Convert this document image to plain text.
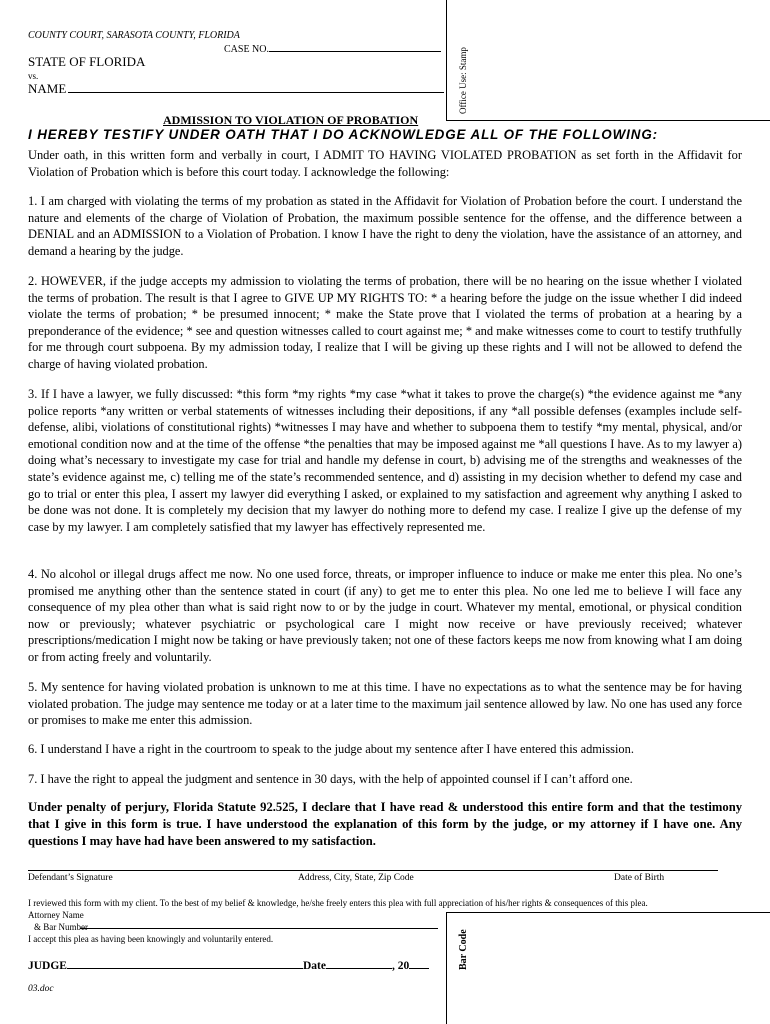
COUNTY COURT, SARASOTA COUNTY, FLORIDA
CASE NO.
STATE OF FLORIDA
vs.
NAME	Office Use: Stamp
ADMISSION TO VIOLATION OF PROBATION
I HEREBY TESTIFY UNDER OATH THAT I DO ACKNOWLEDGE ALL OF THE FOLLOWING:

Under oath, in this written form and verbally in court, I ADMIT TO HAVING VIOLATED PROBATION as set forth in the Affidavit for Violation of Probation which is before this court today. I acknowledge the following:

1. I am charged with violating the terms of my probation as stated in the Affidavit for Violation of Probation before the court. I understand the nature and elements of the charge of Violation of Probation, the maximum possible sentence for the offense, and the difference between a DENIAL and an ADMISSION to a Violation of Probation. I know I have the right to deny the violation, have the assistance of an attorney, and demand a hearing by the judge.

2. HOWEVER, if the judge accepts my admission to violating the terms of probation, there will be no hearing on the issue whether I violated the terms of probation. The result is that I agree to GIVE UP MY RIGHTS TO: * a hearing before the judge on the issue whether I did indeed violate the terms of probation; * be presumed innocent; * make the State prove that I violated the terms of probation at a hearing by a preponderance of the evidence; * see and question witnesses called to court against me; * and make witnesses come to court to testify truthfully for me through court subpoena. By my admission today, I realize that I will be giving up these rights and I will not be allowed to defend the charge of having violated probation.

3. If I have a lawyer, we fully discussed: *this form *my rights *my case *what it takes to prove the charge(s) *the evidence against me *any police reports *any written or verbal statements of witnesses including their depositions, if any *all possible defenses (examples include self-defense, alibi, violations of constitutional rights) *witnesses I may have and whether to subpoena them to testify *my mental, physical, and/or emotional condition now and at the time of the offense *the penalties that may be imposed against me *all questions I have. As to my lawyer a) doing what’s necessary to investigate my case for trial and handle my defense in court, b) advising me of the strengths and weaknesses of the state’s evidence against me, c) telling me of the state’s recommended sentence, and d) assisting in my decision whether to defend my case and go to trial or enter this plea, I assert my lawyer did everything I asked, or explained to my satisfaction and agreement why anything I asked to be done was not done. It is completely my decision that my lawyer do nothing more to defend my case. I realize I give up the defense of my case by my lawyer. I am completely satisfied that my lawyer has effectively represented me.

4. No alcohol or illegal drugs affect me now. No one used force, threats, or improper influence to induce or make me enter this plea. No one’s promised me anything other than the sentence stated in court (if any) to get me to enter this plea. No one led me to believe I will face any consequence of my plea other than what is said right now to or by the judge in court. Whatever my mental, emotional, or physical condition now or previously; whatever psychiatric or psychological care I might now receive or have previously received; whatever prescriptions/medication I might now be taking or have previously taken; not one of these factors keeps me now from knowing what I am doing or from acting freely and voluntarily.

5. My sentence for having violated probation is unknown to me at this time. I have no expectations as to what the sentence may be for having violated probation. The judge may sentence me today or at a later time to the maximum jail sentence allowed by law. No one has used any force or promises to make me enter this admission.

6. I understand I have a right in the courtroom to speak to the judge about my sentence after I have entered this admission.

7. I have the right to appeal the judgment and sentence in 30 days, with the help of appointed counsel if I can’t afford one.

Under penalty of perjury, Florida Statute 92.525, I declare that I have read & understood this entire form and that the testimony that I give in this form is true. I have understood the explanation of this form by the judge, or my attorney if I have one. Any questions I may have had have been answered to my satisfaction.

Defendant’s Signature	Address, City, State, Zip Code	Date of Birth
I reviewed this form with my client. To the best of my belief & knowledge, he/she freely enters this plea with full appreciation of his/her rights & consequences of this plea.
Attorney Name
& Bar Number
I accept this plea as having been knowingly and voluntarily entered.	Bar Code
JUDGE	Date	, 20
03.doc
